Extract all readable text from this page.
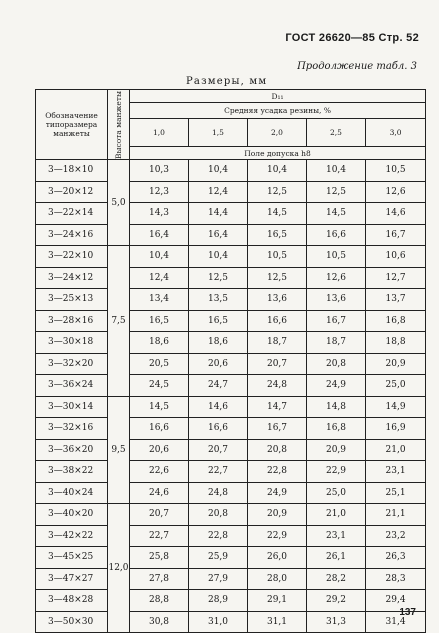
ГОСТ 26620—85 Стр. 52
Продолжение табл. 3
Размеры, мм
Обозначение типоразмера манжеты	Высота манжеты	D₁₁				
		Средняя усадка резины, %				
		1,0	1,5	2,0	2,5	3,0
		Поле допуска h8				
3—18×10	5,0	10,3	10,4	10,4	10,4	10,5
3—20×12		12,3	12,4	12,5	12,5	12,6
3—22×14		14,3	14,4	14,5	14,5	14,6
3—24×16		16,4	16,4	16,5	16,6	16,7
3—22×10	7,5	10,4	10,4	10,5	10,5	10,6
3—24×12		12,4	12,5	12,5	12,6	12,7
3—25×13		13,4	13,5	13,6	13,6	13,7
3—28×16		16,5	16,5	16,6	16,7	16,8
3—30×18		18,6	18,6	18,7	18,7	18,8
3—32×20		20,5	20,6	20,7	20,8	20,9
3—36×24		24,5	24,7	24,8	24,9	25,0
3—30×14	9,5	14,5	14,6	14,7	14,8	14,9
3—32×16		16,6	16,6	16,7	16,8	16,9
3—36×20		20,6	20,7	20,8	20,9	21,0
3—38×22		22,6	22,7	22,8	22,9	23,1
3—40×24		24,6	24,8	24,9	25,0	25,1
3—40×20	12,0	20,7	20,8	20,9	21,0	21,1
3—42×22		22,7	22,8	22,9	23,1	23,2
3—45×25		25,8	25,9	26,0	26,1	26,3
3—47×27		27,8	27,9	28,0	28,2	28,3
3—48×28		28,8	28,9	29,1	29,2	29,4
3—50×30		30,8	31,0	31,1	31,3	31,4
137
